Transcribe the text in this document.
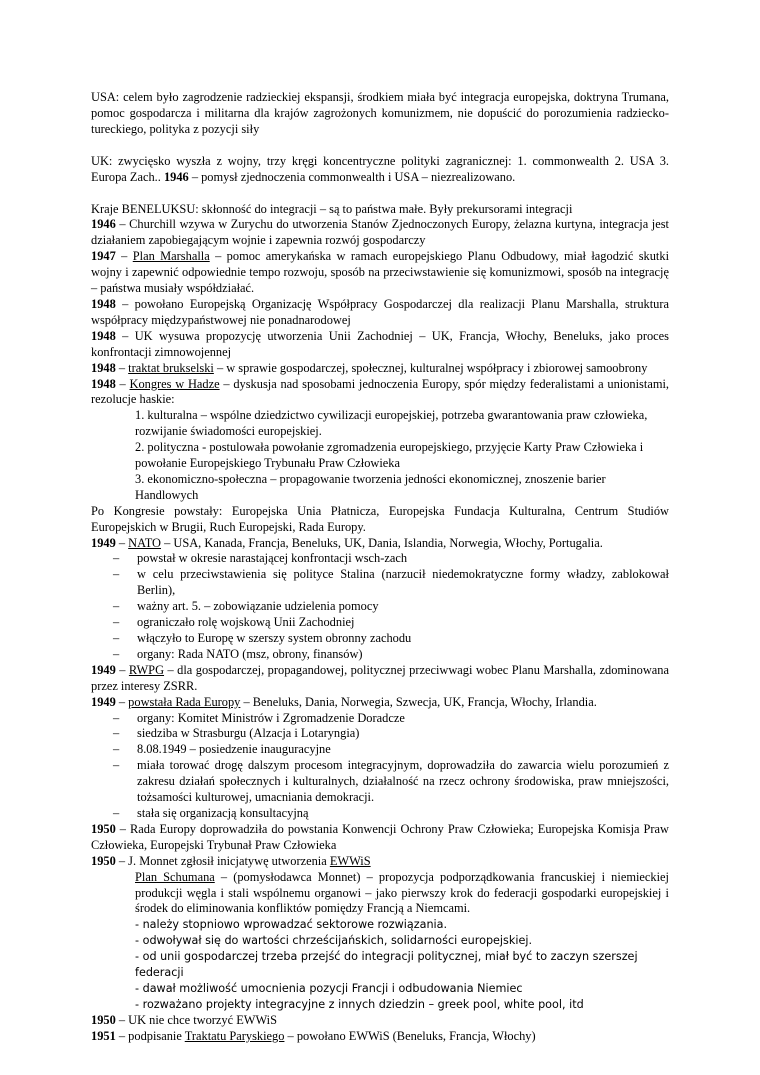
USA: celem było zagrodzenie radzieckiej ekspansji, środkiem miała być integracja europejska, doktryna Trumana, pomoc gospodarcza i militarna dla krajów zagrożonych komunizmem, nie dopuścić do porozumienia radziecko-tureckiego, polityka z pozycji siły

UK: zwycięsko wyszła z wojny, trzy kręgi koncentryczne polityki zagranicznej: 1. commonwealth 2. USA 3. Europa Zach.. 1946 – pomysł zjednoczenia commonwealth i USA – niezrealizowano.

Kraje BENELUKSU: skłonność do integracji – są to państwa małe. Były prekursorami integracji

1946 – Churchill wzywa w Zurychu do utworzenia Stanów Zjednoczonych Europy, żelazna kurtyna, integracja jest działaniem zapobiegającym wojnie i zapewnia rozwój gospodarczy

1947 – Plan Marshalla – pomoc amerykańska w ramach europejskiego Planu Odbudowy, miał łagodzić skutki wojny i zapewnić odpowiednie tempo rozwoju, sposób na przeciwstawienie się komunizmowi, sposób na integrację – państwa musiały współdziałać.

1948 – powołano Europejską Organizację Współpracy Gospodarczej dla realizacji Planu Marshalla, struktura współpracy międzypaństwowej nie ponadnarodowej

1948 – UK wysuwa propozycję utworzenia Unii Zachodniej – UK, Francja, Włochy, Beneluks, jako proces konfrontacji zimnowojennej

1948 – traktat brukselski – w sprawie gospodarczej, społecznej, kulturalnej współpracy i zbiorowej samoobrony

1948 – Kongres w Hadze – dyskusja nad sposobami jednoczenia Europy, spór między federalistami a unionistami, rezolucje haskie:

1. kulturalna – wspólne dziedzictwo cywilizacji europejskiej, potrzeba gwarantowania praw człowieka, rozwijanie świadomości europejskiej.

2. polityczna - postulowała powołanie zgromadzenia europejskiego, przyjęcie Karty Praw Człowieka i powołanie Europejskiego Trybunału Praw Człowieka

3. ekonomiczno-społeczna – propagowanie tworzenia jedności ekonomicznej, znoszenie barier Handlowych

Po Kongresie powstały: Europejska Unia Płatnicza, Europejska Fundacja Kulturalna, Centrum Studiów Europejskich w Brugii, Ruch Europejski, Rada Europy.

1949 – NATO – USA, Kanada, Francja, Beneluks, UK, Dania, Islandia, Norwegia, Włochy, Portugalia.

– powstał w okresie narastającej konfrontacji wsch-zach
– w celu przeciwstawienia się polityce Stalina (narzucił niedemokratyczne formy władzy, zablokował Berlin),
– ważny art. 5. – zobowiązanie udzielenia pomocy
– ograniczało rolę wojskową Unii Zachodniej
– włączyło to Europę w szerszy system obronny zachodu
– organy: Rada NATO (msz, obrony, finansów)

1949 – RWPG – dla gospodarczej, propagandowej, politycznej przeciwwagi wobec Planu Marshalla, zdominowana przez interesy ZSRR.

1949 – powstała Rada Europy – Beneluks, Dania, Norwegia, Szwecja, UK, Francja, Włochy, Irlandia.

– organy: Komitet Ministrów i Zgromadzenie Doradcze
– siedziba w Strasburgu (Alzacja i Lotaryngia)
– 8.08.1949 – posiedzenie inauguracyjne
– miała torować drogę dalszym procesom integracyjnym, doprowadziła do zawarcia wielu porozumień z zakresu działań społecznych i kulturalnych, działalność na rzecz ochrony środowiska, praw mniejszości, tożsamości kulturowej, umacniania demokracji.
– stała się organizacją konsultacyjną

1950 – Rada Europy doprowadziła do powstania Konwencji Ochrony Praw Człowieka; Europejska Komisja Praw Człowieka, Europejski Trybunał Praw Człowieka

1950 – J. Monnet zgłosił inicjatywę utworzenia EWWiS

Plan Schumana – (pomysłodawca Monnet) – propozycja podporządkowania francuskiej i niemieckiej produkcji węgla i stali wspólnemu organowi – jako pierwszy krok do federacji gospodarki europejskiej i środek do eliminowania konfliktów pomiędzy Francją a Niemcami.

- należy stopniowo wprowadzać sektorowe rozwiązania.

- odwoływał się do wartości chrześcijańskich, solidarności europejskiej.

- od unii gospodarczej trzeba przejść do integracji politycznej, miał być to zaczyn szerszej federacji

- dawał możliwość umocnienia pozycji Francji i odbudowania Niemiec

- rozważano projekty integracyjne z innych dziedzin – greek pool, white pool, itd

1950 – UK nie chce tworzyć EWWiS

1951 – podpisanie Traktatu Paryskiego – powołano EWWiS (Beneluks, Francja, Włochy)
